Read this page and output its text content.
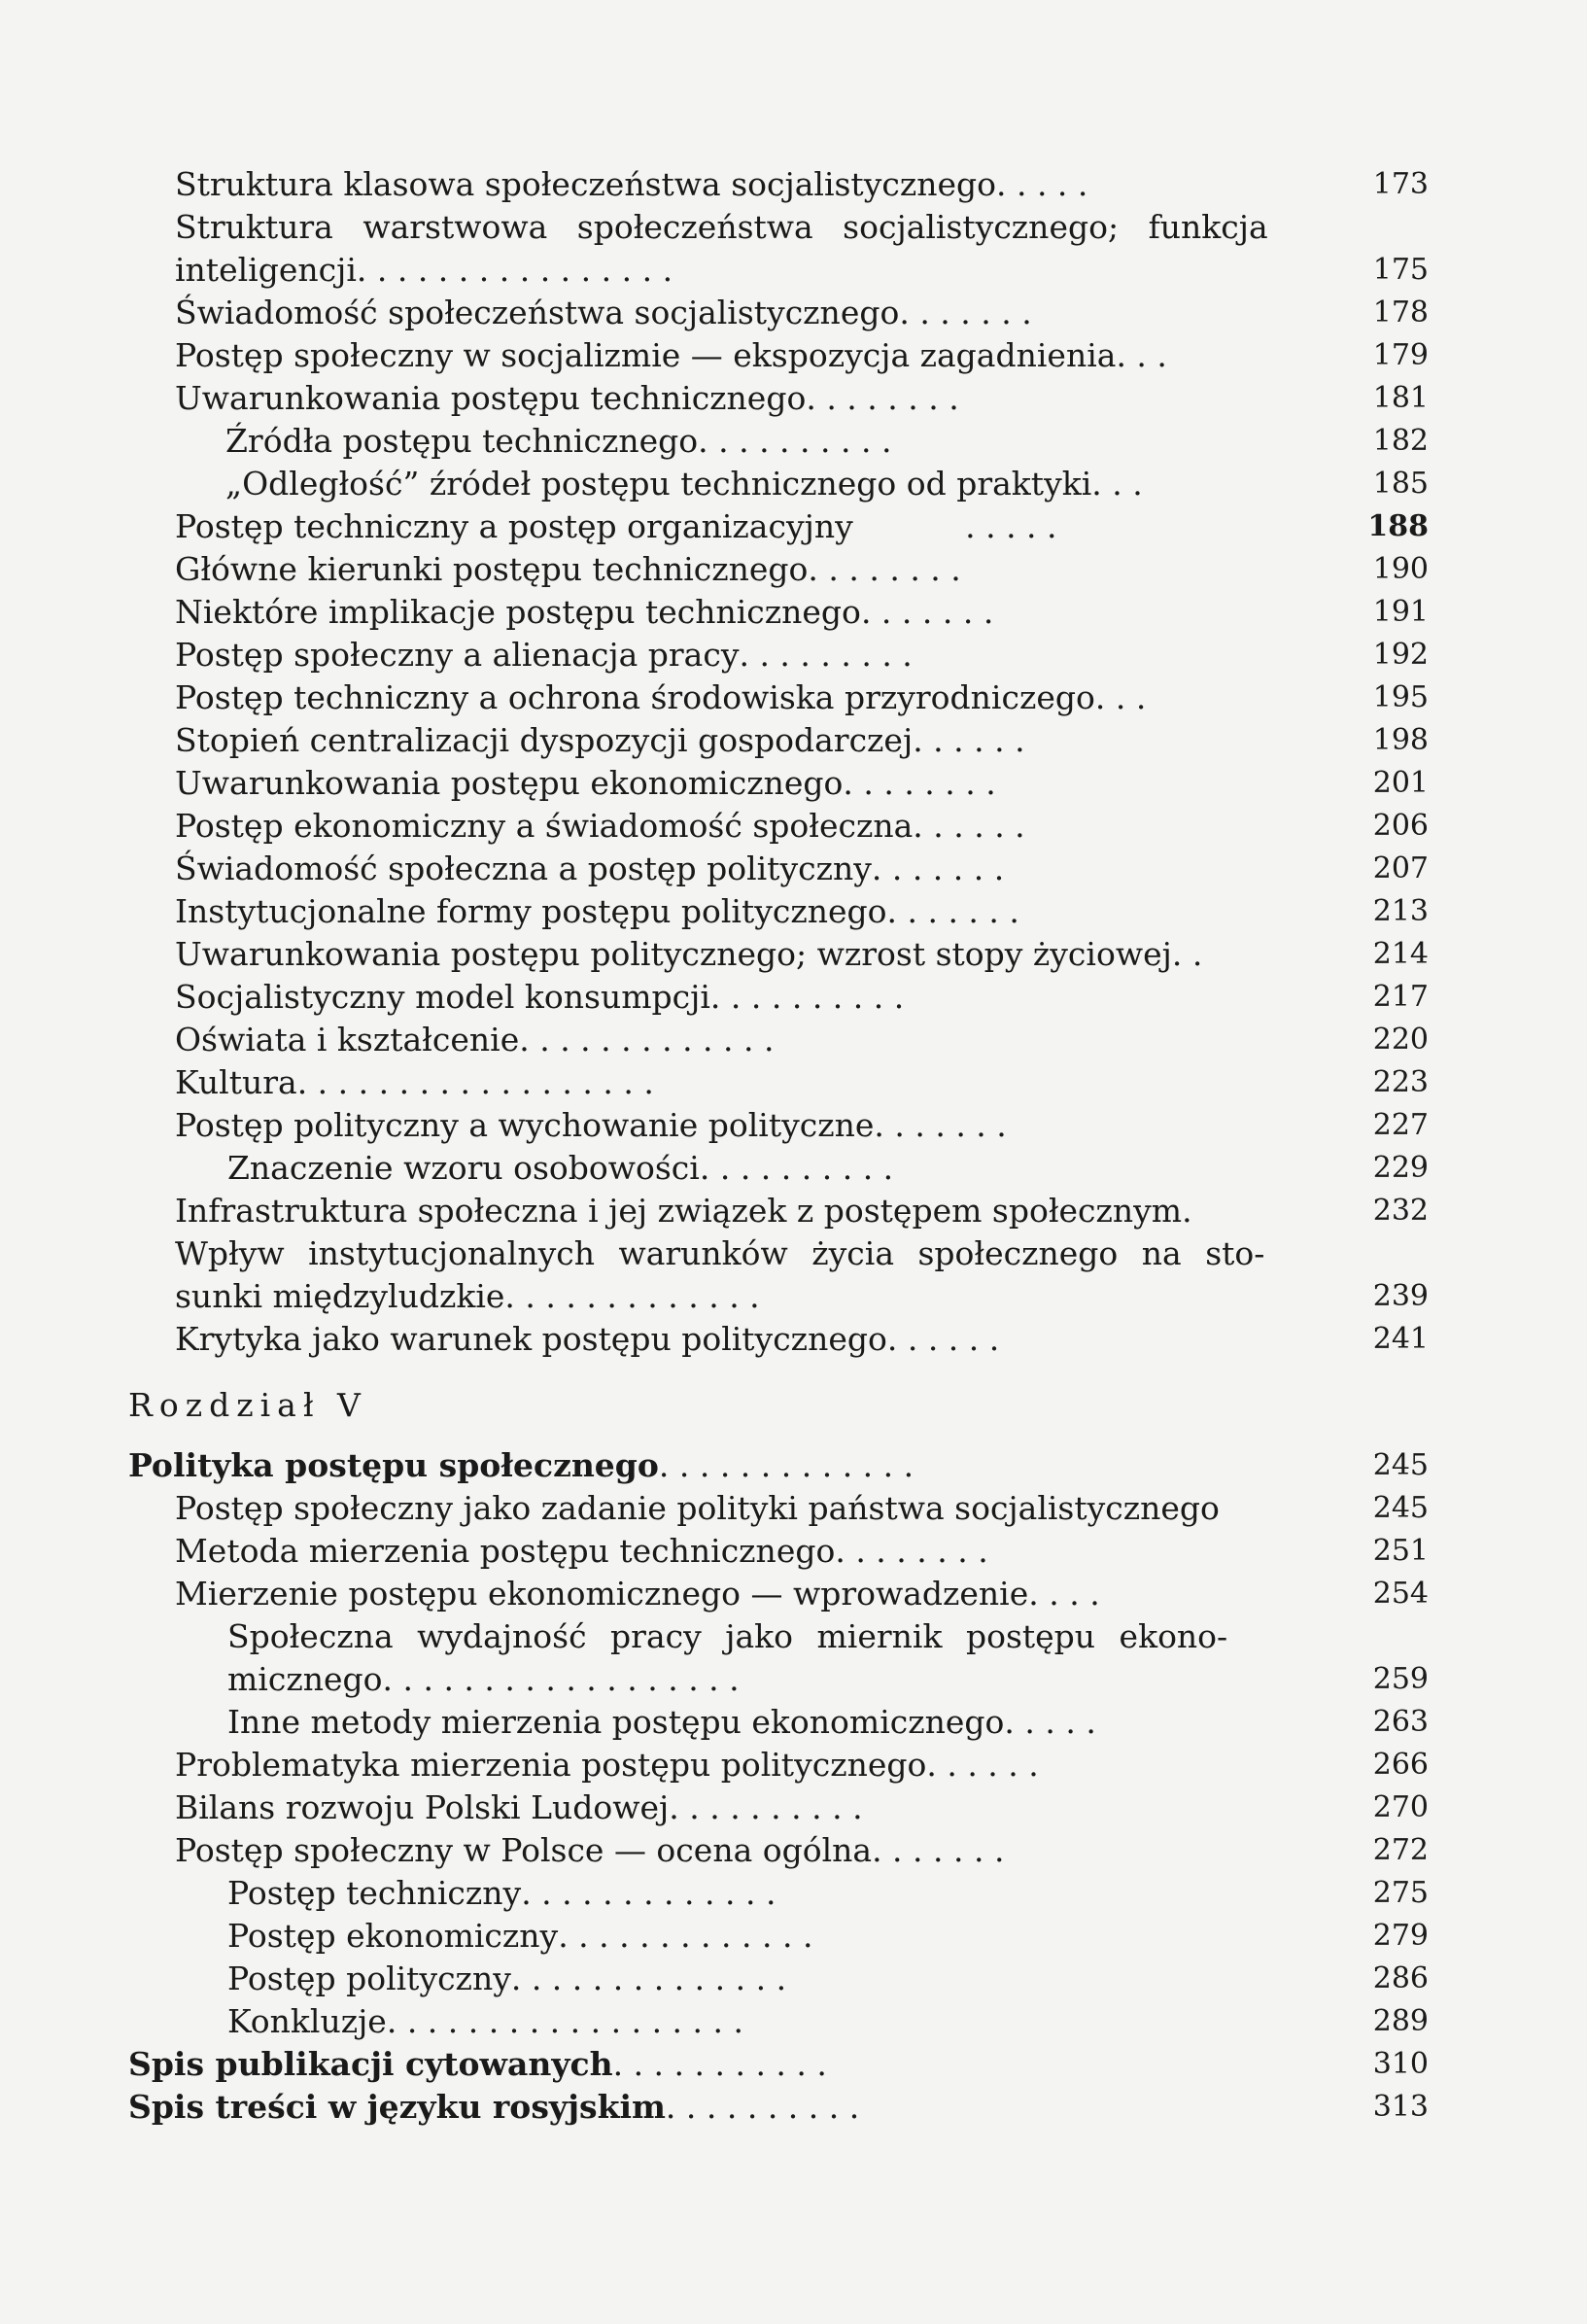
Struktura klasowa społeczeństwa socjalistycznego. . . . .	173
Struktura warstwowa społeczeństwa socjalistycznego; funkcja
inteligencji. . . . . . . . . . . . . . . .	175
Świadomość społeczeństwa socjalistycznego. . . . . . .	178
Postęp społeczny w socjalizmie — ekspozycja zagadnienia. . .	179
Uwarunkowania postępu technicznego. . . . . . . .	181
Źródła postępu technicznego. . . . . . . . . .	182
„Odległość” źródeł postępu technicznego od praktyki. . .	185
Postęp techniczny a postęp organizacyjny           . . . . .	188
Główne kierunki postępu technicznego. . . . . . . .	190
Niektóre implikacje postępu technicznego. . . . . . .	191
Postęp społeczny a alienacja pracy. . . . . . . . .	192
Postęp techniczny a ochrona środowiska przyrodniczego. . .	195
Stopień centralizacji dyspozycji gospodarczej. . . . . .	198
Uwarunkowania postępu ekonomicznego. . . . . . . .	201
Postęp ekonomiczny a świadomość społeczna. . . . . .	206
Świadomość społeczna a postęp polityczny. . . . . . .	207
Instytucjonalne formy postępu politycznego. . . . . . .	213
Uwarunkowania postępu politycznego; wzrost stopy życiowej. .	214
Socjalistyczny model konsumpcji. . . . . . . . . .	217
Oświata i kształcenie. . . . . . . . . . . . .	220
Kultura. . . . . . . . . . . . . . . . . .	223
Postęp polityczny a wychowanie polityczne. . . . . . .	227
Znaczenie wzoru osobowości. . . . . . . . . .	229
Infrastruktura społeczna i jej związek z postępem społecznym.	232
Wpływ instytucjonalnych warunków życia społecznego na sto-
sunki międzyludzkie. . . . . . . . . . . . .	239
Krytyka jako warunek postępu politycznego. . . . . .	241
Rozdział V
Polityka postępu społecznego. . . . . . . . . . . . .	245
Postęp społeczny jako zadanie polityki państwa socjalistycznego	245
Metoda mierzenia postępu technicznego. . . . . . . .	251
Mierzenie postępu ekonomicznego — wprowadzenie. . . .	254
Społeczna wydajność pracy jako miernik postępu ekono-
micznego. . . . . . . . . . . . . . . . . .	259
Inne metody mierzenia postępu ekonomicznego. . . . .	263
Problematyka mierzenia postępu politycznego. . . . . .	266
Bilans rozwoju Polski Ludowej. . . . . . . . . .	270
Postęp społeczny w Polsce — ocena ogólna. . . . . . .	272
Postęp techniczny. . . . . . . . . . . . .	275
Postęp ekonomiczny. . . . . . . . . . . . .	279
Postęp polityczny. . . . . . . . . . . . . .	286
Konkluzje. . . . . . . . . . . . . . . . . .	289
Spis publikacji cytowanych. . . . . . . . . . .	310
Spis treści w języku rosyjskim. . . . . . . . . .	313
